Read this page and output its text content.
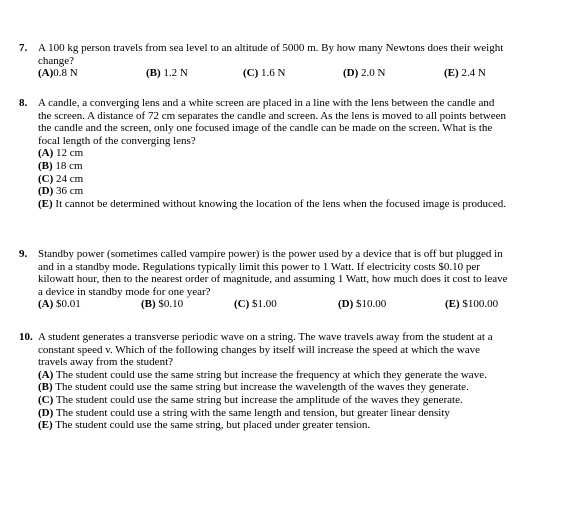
7. A 100 kg person travels from sea level to an altitude of 5000 m. By how many Newtons does their weight change?
(A)0.8 N	(B) 1.2 N	(C) 1.6 N	(D) 2.0 N	(E) 2.4 N
8. A candle, a converging lens and a white screen are placed in a line with the lens between the candle and the screen. A distance of 72 cm separates the candle and screen. As the lens is moved to all points between the candle and the screen, only one focused image of the candle can be made on the screen. What is the focal length of the converging lens?
(A) 12 cm
(B) 18 cm
(C) 24 cm
(D) 36 cm
(E) It cannot be determined without knowing the location of the lens when the focused image is produced.
9. Standby power (sometimes called vampire power) is the power used by a device that is off but plugged in and in a standby mode. Regulations typically limit this power to 1 Watt. If electricity costs $0.10 per kilowatt hour, then to the nearest order of magnitude, and assuming 1 Watt, how much does it cost to leave a device in standby mode for one year?
(A) $0.01	(B) $0.10	(C) $1.00	(D) $10.00	(E) $100.00
10. A student generates a transverse periodic wave on a string. The wave travels away from the student at a constant speed v. Which of the following changes by itself will increase the speed at which the wave travels away from the student?
(A) The student could use the same string but increase the frequency at which they generate the wave.
(B) The student could use the same string but increase the wavelength of the waves they generate.
(C) The student could use the same string but increase the amplitude of the waves they generate.
(D) The student could use a string with the same length and tension, but greater linear density
(E) The student could use the same string, but placed under greater tension.
